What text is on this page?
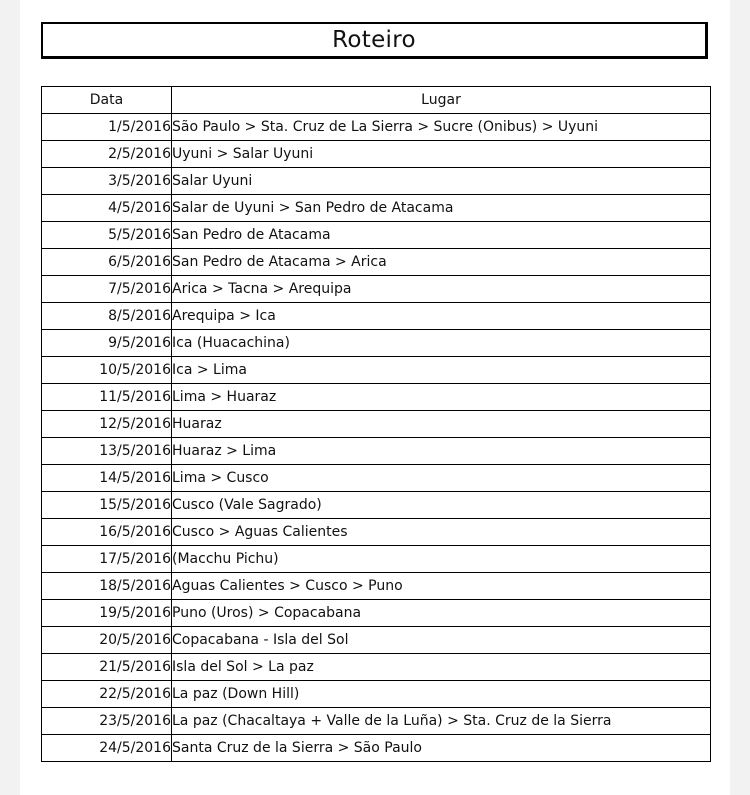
Roteiro
Data	Lugar
1/5/2016	São Paulo > Sta. Cruz de La Sierra > Sucre (Onibus) > Uyuni
2/5/2016	Uyuni > Salar Uyuni
3/5/2016	Salar Uyuni
4/5/2016	Salar de Uyuni > San Pedro de Atacama
5/5/2016	San Pedro de Atacama
6/5/2016	San Pedro de Atacama > Arica
7/5/2016	Arica > Tacna > Arequipa
8/5/2016	Arequipa > Ica
9/5/2016	Ica (Huacachina)
10/5/2016	Ica > Lima
11/5/2016	Lima > Huaraz
12/5/2016	Huaraz
13/5/2016	Huaraz > Lima
14/5/2016	Lima > Cusco
15/5/2016	Cusco (Vale Sagrado)
16/5/2016	Cusco > Aguas Calientes
17/5/2016	(Macchu Pichu)
18/5/2016	Aguas Calientes > Cusco > Puno
19/5/2016	Puno (Uros) > Copacabana
20/5/2016	Copacabana - Isla del Sol
21/5/2016	Isla del Sol > La paz
22/5/2016	La paz (Down Hill)
23/5/2016	La paz (Chacaltaya + Valle de la Luña) > Sta. Cruz de la Sierra
24/5/2016	Santa Cruz de la Sierra > São Paulo
